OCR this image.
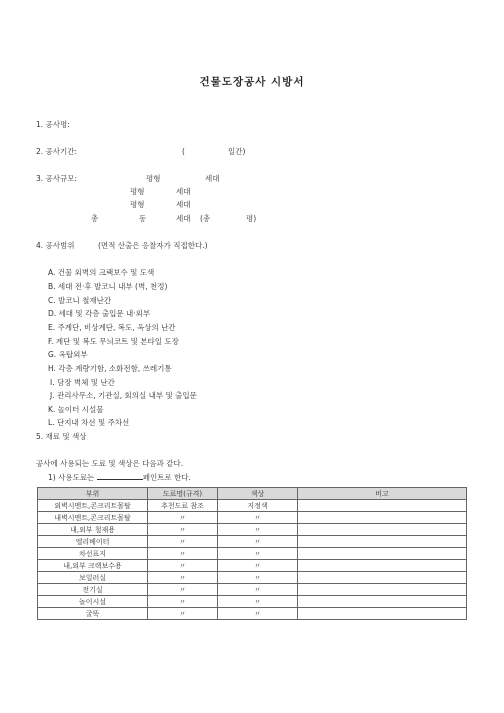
건물도장공사 시방서
1. 공사명:
2. 공사기간:	(	일간)
3. 공사규모:	평형	세대
평형	세대
평형	세대
총	동	세대 (총	평)
4. 공사범위	(면적 산출은 응찰자가 직접한다.)
A. 건물 외벽의 크랙보수 및 도색
B. 세대 전·후 발코니 내부 (벽, 천정)
C. 발코니 철재난간
D. 세대 및 각층 출입문 내·외부
E. 주계단, 비상계단, 복도, 옥상의 난간
F. 계단 및 복도 무늬코트 및 본타일 도장
G. 옥탑외부
H. 각층 계량기함, 소화전함, 쓰레기통
I. 담장 벽체 및 난간
J. 관리사무소, 기관실, 회의실 내부 및 출입문
K. 놀이터 시설물
L. 단지내 차선 및 주차선
5. 재료 및 색상
공사에 사용되는 도료 및 색상은 다음과 같다.
1) 사용도료는	페인트로 한다.
부위	도료명(규격)	색상	비고
외벽시멘트,콘크리트몰탈	추천도료 참조	지정색	
내벽시멘트,콘크리트몰탈	〃	〃	
내,외부 철재용	〃	〃	
엘리베이터	〃	〃	
차선표지	〃	〃	
내,외부 크랙보수용	〃	〃	
보일러실	〃	〃	
전기실	〃	〃	
놀이시설	〃	〃	
굴뚝	〃	〃	
